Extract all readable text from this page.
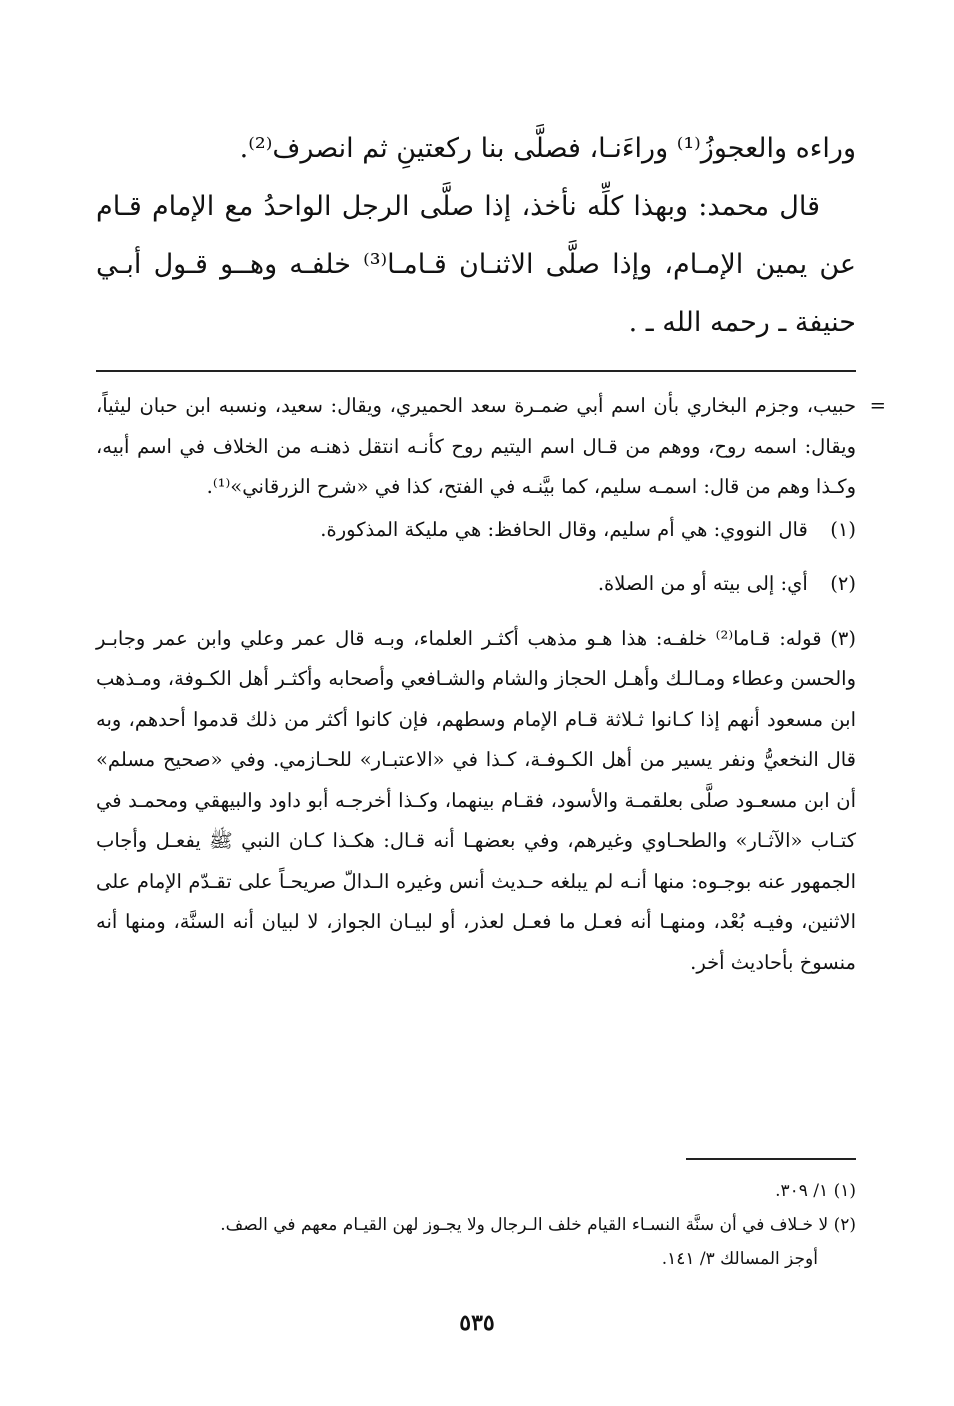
وراءه والعجوزُ⁽¹⁾ وراءَنـا، فصلَّى بنا ركعتينِ ثم انصرف⁽²⁾.

قال محمد: وبهذا كلِّه نأخذ، إذا صلَّى الرجل الواحدُ مع الإمام قـام عن يمين الإمـام، وإذا صلَّى الاثنـان قـامـا⁽³⁾ خلفـه وهــو قـول أبـي حنيفة ـ رحمه الله ـ .

=
حبيب، وجزم البخاري بأن اسم أبي ضمـرة سعد الحميري، ويقال: سعيد، ونسبه ابن حبان ليثياً، ويقال: اسمه روح، ووهم من قـال اسم اليتيم روح كأنـه انتقل ذهنـه من الخلاف في اسم أبيه، وكـذا وهم من قال: اسمـه سليم، كما بيَّنـه في الفتح، كذا في «شرح الزرقاني»⁽¹⁾.

(١) قال النووي: هي أم سليم، وقال الحافظ: هي مليكة المذكورة.

(٢) أي: إلى بيته أو من الصلاة.

(٣) قوله: قـاما⁽²⁾ خلفـه: هذا هـو مذهب أكثـر العلماء، وبـه قال عمر وعلي وابن عمر وجابـر والحسن وعطاء ومـالـك وأهـل الحجاز والشام والشـافعي وأصحابه وأكثـر أهل الكـوفة، ومـذهب ابن مسعود أنهم إذا كـانوا ثـلاثة قـام الإمام وسطهم، فإن كانوا أكثر من ذلك قدموا أحدهم، وبه قال النخعيُّ ونفر يسير من أهل الكـوفـة، كـذا في «الاعتبـار» للحـازمي. وفي «صحيح مسلم» أن ابن مسعـود صلَّى بعلقمـة والأسود، فقـام بينهما، وكـذا أخرجـه أبو داود والبيهقي ومحمـد في كتـاب «الآثـار» والطحـاوي وغيرهم، وفي بعضهـا أنه قـال: هكـذا كـان النبي ﷺ يفعـل وأجاب الجمهور عنه بوجـوه: منها أنـه لم يبلغه حـديث أنس وغيره الـدالّ صريحـاً على تقـدّم الإمام على الاثنين، وفيـه بُعْد، ومنهـا أنه فعـل ما فعـل لعذر، أو لبيـان الجواز، لا لبيان أنه السنَّة، ومنها أنه منسوخ بأحاديث أخر.

(١) ١/ ٣٠٩.

(٢) لا خـلاف في أن سنَّة النسـاء القيام خلف الـرجال ولا يجـوز لهن القيـام معهم في الصف.

أوجز المسالك ٣/ ١٤١.

٥٣٥
